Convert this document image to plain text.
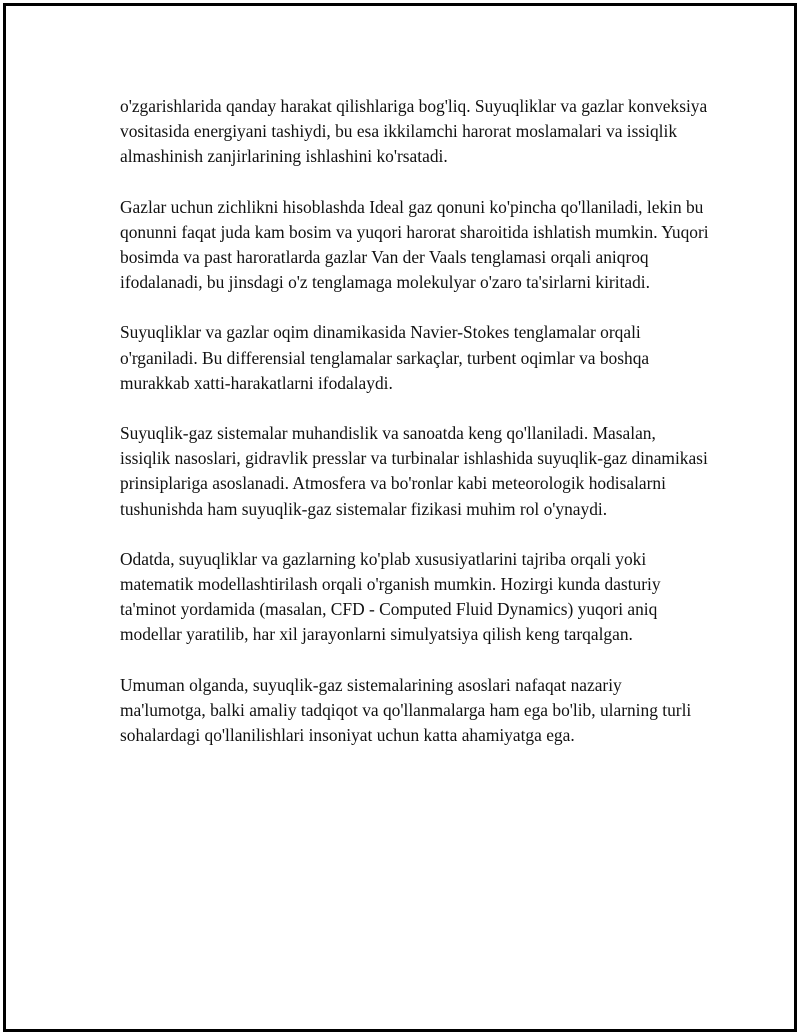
o'zgarishlarida qanday harakat qilishlariga bog'liq. Suyuqliklar va gazlar konveksiya vositasida energiyani tashiydi, bu esa ikkilamchi harorat moslamalari va issiqlik almashinish zanjirlarining ishlashini ko'rsatadi.

Gazlar uchun zichlikni hisoblashda Ideal gaz qonuni ko'pincha qo'llaniladi, lekin bu qonunni faqat juda kam bosim va yuqori harorat sharoitida ishlatish mumkin. Yuqori bosimda va past haroratlarda gazlar Van der Vaals tenglamasi orqali aniqroq ifodalanadi, bu jinsdagi o'z tenglamaga molekulyar o'zaro ta'sirlarni kiritadi.

Suyuqliklar va gazlar oqim dinamikasida Navier-Stokes tenglamalar orqali o'rganiladi. Bu differensial tenglamalar sarkaçlar, turbent oqimlar va boshqa murakkab xatti-harakatlarni ifodalaydi.

Suyuqlik-gaz sistemalar muhandislik va sanoatda keng qo'llaniladi. Masalan, issiqlik nasoslari, gidravlik presslar va turbinalar ishlashida suyuqlik-gaz dinamikasi prinsiplariga asoslanadi. Atmosfera va bo'ronlar kabi meteorologik hodisalarni tushunishda ham suyuqlik-gaz sistemalar fizikasi muhim rol o'ynaydi.

Odatda, suyuqliklar va gazlarning ko'plab xususiyatlarini tajriba orqali yoki matematik modellashtirilash orqali o'rganish mumkin. Hozirgi kunda dasturiy ta'minot yordamida (masalan, CFD - Computed Fluid Dynamics) yuqori aniq modellar yaratilib, har xil jarayonlarni simulyatsiya qilish keng tarqalgan.

Umuman olganda, suyuqlik-gaz sistemalarining asoslari nafaqat nazariy ma'lumotga, balki amaliy tadqiqot va qo'llanmalarga ham ega bo'lib, ularning turli sohalardagi qo'llanilishlari insoniyat uchun katta ahamiyatga ega.
